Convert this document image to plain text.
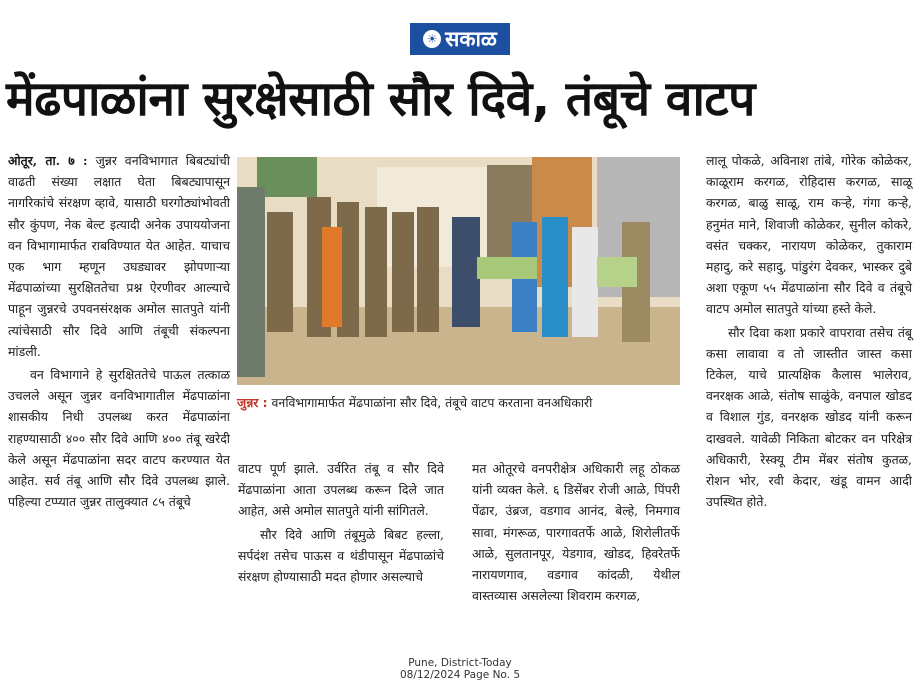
☀ सकाळ
मेंढपाळांना सुरक्षेसाठी सौर दिवे, तंबूचे वाटप

ओतूर, ता. ७ : जुन्नर वनविभागात बिबट्यांची वाढती संख्या लक्षात घेता बिबट्यापासून नागरिकांचे संरक्षण व्हावे, यासाठी घरगोठ्यांभोवती सौर कुंपण, नेक बेल्ट इत्यादी अनेक उपाययोजना वन विभागामार्फत राबविण्यात येत आहेत. याचाच एक भाग म्हणून उघड्यावर झोपणाऱ्या मेंढपाळांच्या सुरक्षिततेचा प्रश्न ऐरणीवर आल्याचे पाहून जुन्नरचे उपवनसंरक्षक अमोल सातपुते यांनी त्यांचेसाठी सौर दिवे आणि तंबूची संकल्पना मांडली.

वन विभागाने हे सुरक्षिततेचे पाऊल तत्काळ उचलले असून जुन्नर वनविभागातील मेंढपाळांना शासकीय निधी उपलब्ध करत मेंढपाळांना राहण्यासाठी ४०० सौर दिवे आणि ४०० तंबू खरेदी केले असून मेंढपाळांना सदर वाटप करण्यात येत आहेत. सर्व तंबू आणि सौर दिवे उपलब्ध झाले. पहिल्या टप्प्यात जुन्नर तालुक्यात ८५ तंबूचे

जुन्नर : वनविभागामार्फत मेंढपाळांना सौर दिवे, तंबूचे वाटप करताना वनअधिकारी

वाटप पूर्ण झाले. उर्वरित तंबू व सौर दिवे मेंढपाळांना आता उपलब्ध करून दिले जात आहेत, असे अमोल सातपुते यांनी सांगितले.

सौर दिवे आणि तंबूमुळे बिबट हल्ला, सर्पदंश तसेच पाऊस व थंडीपासून मेंढपाळांचे संरक्षण होण्यासाठी मदत होणार असल्याचे

मत ओतूरचे वनपरीक्षेत्र अधिकारी लहू ठोकळ यांनी व्यक्त केले. ६ डिसेंबर रोजी आळे, पिंपरी पेंढार, उंब्रज, वडगाव आनंद, बेल्हे, निमगाव सावा, मंगरूळ, पारगावतर्फे आळे, शिरोलीतर्फे आळे, सुलतानपूर, येडगाव, खोडद, हिवरेतर्फे नारायणगाव, वडगाव कांदळी, येथील वास्तव्यास असलेल्या शिवराम करगळ,

लालू पोकळे, अविनाश तांबे, गोरेक कोळेकर, काळूराम करगळ, रोहिदास करगळ, साळू करगळ, बाळु साळू, राम कऱ्हे, गंगा कऱ्हे, हनुमंत माने, शिवाजी कोळेकर, सुनील कोकरे, वसंत चक्कर, नारायण कोळेकर, तुकाराम महादु, करे सहादु, पांडुरंग देवकर, भास्कर दुबे अशा एकूण ५५ मेंढपाळांना सौर दिवे व तंबूचे वाटप अमोल सातपुते यांच्या हस्ते केले.

सौर दिवा कशा प्रकारे वापरावा तसेच तंबू कसा लावावा व तो जास्तीत जास्त कसा टिकेल, याचे प्रात्यक्षिक कैलास भालेराव, वनरक्षक आळे, संतोष साळुंके, वनपाल खोडद व विशाल गुंड, वनरक्षक खोडद यांनी करून दाखवले. यावेळी निकिता बोटकर वन परिक्षेत्र अधिकारी, रेस्क्यू टीम मेंबर संतोष कुतळ, रोशन भोर, रवी केदार, खंडू वामन आदी उपस्थित होते.

Pune, District-Today
08/12/2024 Page No. 5
